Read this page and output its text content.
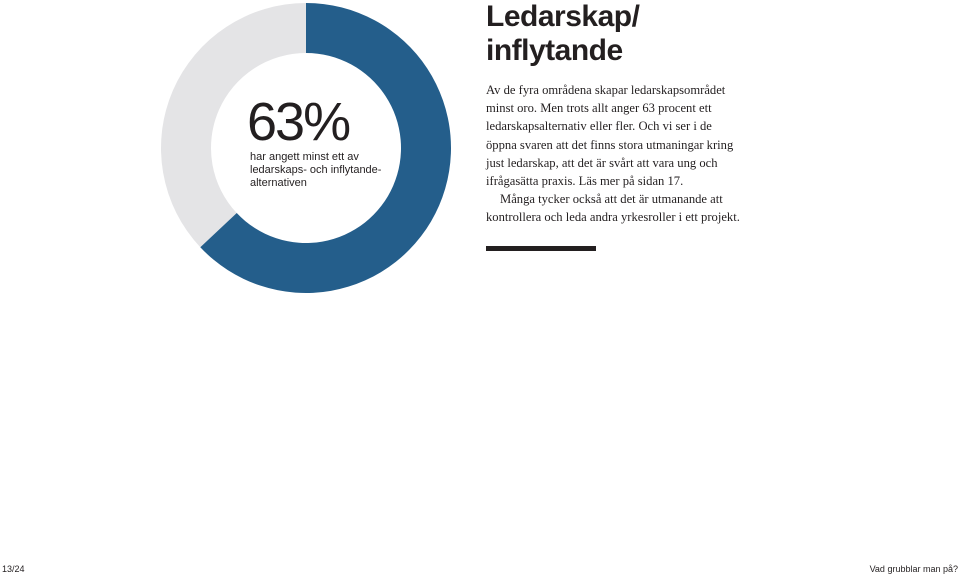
63%

har angett minst ett av ledarskaps- och inflytande-alternativen

Ledarskap/
inflytande
Av de fyra områdena skapar ledarskapsområdet
minst oro. Men trots allt anger 63 procent ett
ledarskapsalternativ eller fler. Och vi ser i de
öppna svaren att det finns stora utmaningar kring
just ledarskap, att det är svårt att vara ung och
ifrågasätta praxis. Läs mer på sidan 17.
Många tycker också att det är utmanande att
kontrollera och leda andra yrkesroller i ett projekt.
13/24	Vad grubblar man på?
